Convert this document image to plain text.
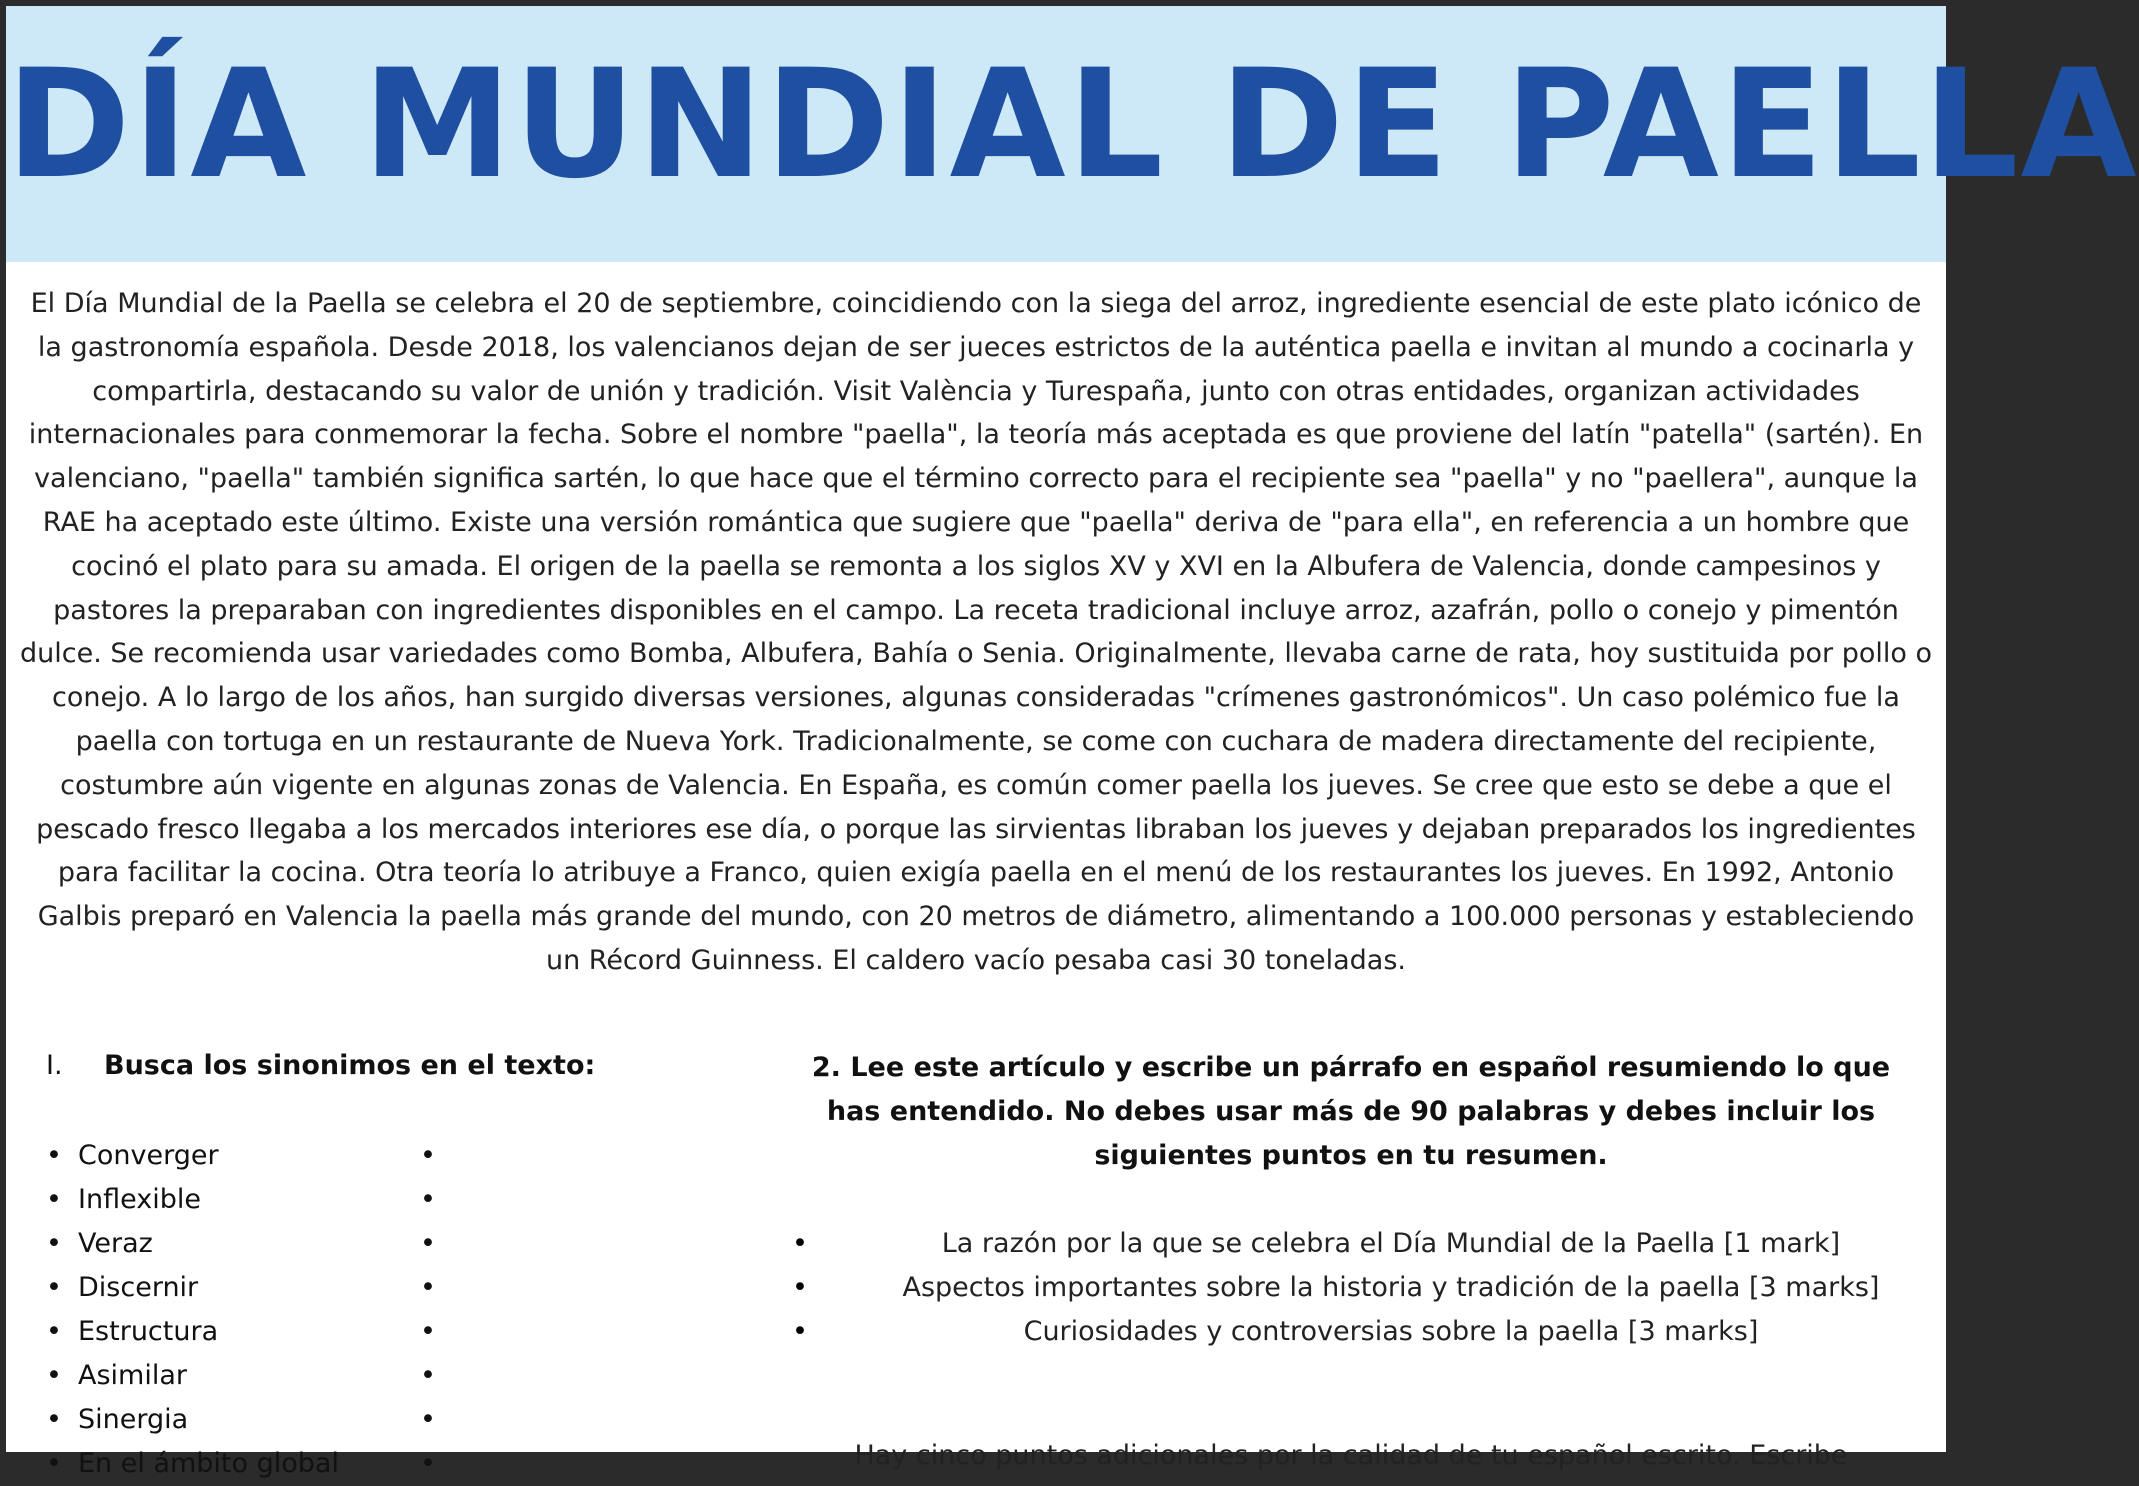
DÍA MUNDIAL DE PAELLA

El Día Mundial de la Paella se celebra el 20 de septiembre, coincidiendo con la siega del arroz, ingrediente esencial de este plato icónico de la gastronomía española. Desde 2018, los valencianos dejan de ser jueces estrictos de la auténtica paella e invitan al mundo a cocinarla y compartirla, destacando su valor de unión y tradición. Visit València y Turespaña, junto con otras entidades, organizan actividades internacionales para conmemorar la fecha. Sobre el nombre "paella", la teoría más aceptada es que proviene del latín "patella" (sartén). En valenciano, "paella" también significa sartén, lo que hace que el término correcto para el recipiente sea "paella" y no "paellera", aunque la RAE ha aceptado este último. Existe una versión romántica que sugiere que "paella" deriva de "para ella", en referencia a un hombre que cocinó el plato para su amada. El origen de la paella se remonta a los siglos XV y XVI en la Albufera de Valencia, donde campesinos y pastores la preparaban con ingredientes disponibles en el campo. La receta tradicional incluye arroz, azafrán, pollo o conejo y pimentón dulce. Se recomienda usar variedades como Bomba, Albufera, Bahía o Senia. Originalmente, llevaba carne de rata, hoy sustituida por pollo o conejo. A lo largo de los años, han surgido diversas versiones, algunas consideradas "crímenes gastronómicos". Un caso polémico fue la paella con tortuga en un restaurante de Nueva York. Tradicionalmente, se come con cuchara de madera directamente del recipiente, costumbre aún vigente en algunas zonas de Valencia. En España, es común comer paella los jueves. Se cree que esto se debe a que el pescado fresco llegaba a los mercados interiores ese día, o porque las sirvientas libraban los jueves y dejaban preparados los ingredientes para facilitar la cocina. Otra teoría lo atribuye a Franco, quien exigía paella en el menú de los restaurantes los jueves. En 1992, Antonio Galbis preparó en Valencia la paella más grande del mundo, con 20 metros de diámetro, alimentando a 100.000 personas y estableciendo un Récord Guinness. El caldero vacío pesaba casi 30 toneladas.

I. Busca los sinonimos en el texto:
• Converger	•
• Inflexible	•
• Veraz	•
• Discernir	•
• Estructura	•
• Asimilar	•
• Sinergia	•
• En el ámbito global	•
2. Lee este artículo y escribe un párrafo en español resumiendo lo que has entendido. No debes usar más de 90 palabras y debes incluir los siguientes puntos en tu resumen.
•	La razón por la que se celebra el Día Mundial de la Paella [1 mark]
•	Aspectos importantes sobre la historia y tradición de la paella [3 marks]
•	Curiosidades y controversias sobre la paella [3 marks]
Hay cinco puntos adicionales por la calidad de tu español escrito. Escribe
